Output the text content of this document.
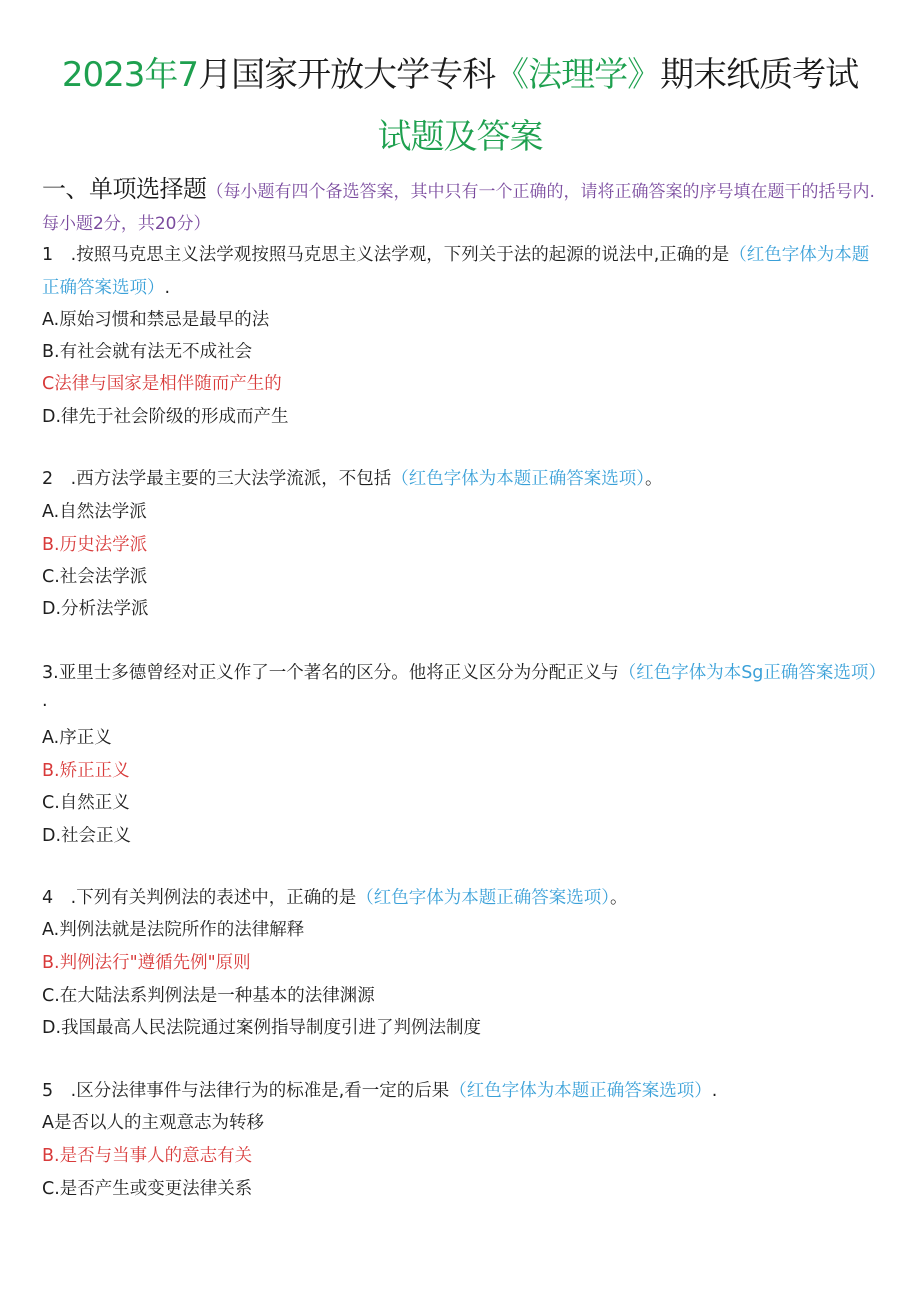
2023年7月国家开放大学专科《法理学》期末纸质考试
试题及答案
一、单项选择题（每小题有四个备选答案，其中只有一个正确的，请将正确答案的序号填在题干的括号内.每小题2分，共20分）
1　.按照马克思主义法学观按照马克思主义法学观，下列关于法的起源的说法中,正确的是（红色字体为本题正确答案选项）.
A.原始习惯和禁忌是最早的法
B.有社会就有法无不成社会
C法律与国家是相伴随而产生的
D.律先于社会阶级的形成而产生
2　.西方法学最主要的三大法学流派，不包括（红色字体为本题正确答案选项）。
A.自然法学派
B.历史法学派
C.社会法学派
D.分析法学派
3.亚里士多德曾经对正义作了一个著名的区分。他将正义区分为分配正义与（红色字体为本Sg正确答案选项）·
A.序正义
B.矫正正义
C.自然正义
D.社会正义
4　.下列有关判例法的表述中，正确的是（红色字体为本题正确答案选项）。
A.判例法就是法院所作的法律解释
B.判例法行"遵循先例"原则
C.在大陆法系判例法是一种基本的法律渊源
D.我国最高人民法院通过案例指导制度引进了判例法制度
5　.区分法律事件与法律行为的标准是,看一定的后果（红色字体为本题正确答案选项）.
A是否以人的主观意志为转移
B.是否与当事人的意志有关
C.是否产生或变更法律关系
